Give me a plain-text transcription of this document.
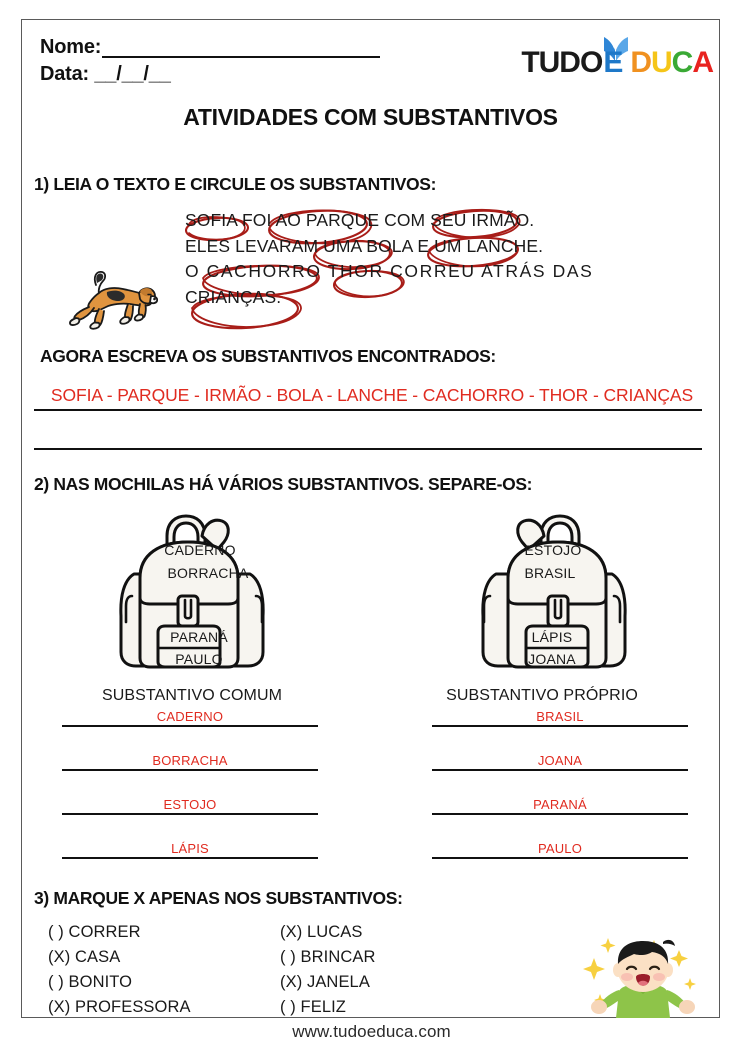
Nome:
Data: __/__/__	TUDO E D U C A
ATIVIDADES COM SUBSTANTIVOS
1) LEIA O TEXTO E CIRCULE OS SUBSTANTIVOS:
SOFIA FOI AO PARQUE COM SEU IRMÃO.
ELES LEVARAM UMA BOLA E UM LANCHE.
O CACHORRO THOR CORREU ATRÁS DAS
CRIANÇAS.
AGORA ESCREVA OS SUBSTANTIVOS ENCONTRADOS:
SOFIA - PARQUE - IRMÃO - BOLA - LANCHE - CACHORRO - THOR - CRIANÇAS
2) NAS MOCHILAS HÁ VÁRIOS SUBSTANTIVOS. SEPARE-OS:
CADERNO
BORRACHA
PARANÁ
PAULO
ESTOJO
BRASIL
LÁPIS
JOANA
SUBSTANTIVO COMUM	SUBSTANTIVO PRÓPRIO
CADERNO
BORRACHA
ESTOJO
LÁPIS
BRASIL
JOANA
PARANÁ
PAULO
3) MARQUE X APENAS NOS SUBSTANTIVOS:
( ) CORRER
(X) CASA
( ) BONITO
(X) PROFESSORA
(X) LUCAS
( ) BRINCAR
(X) JANELA
( ) FELIZ
www.tudoeduca.com
